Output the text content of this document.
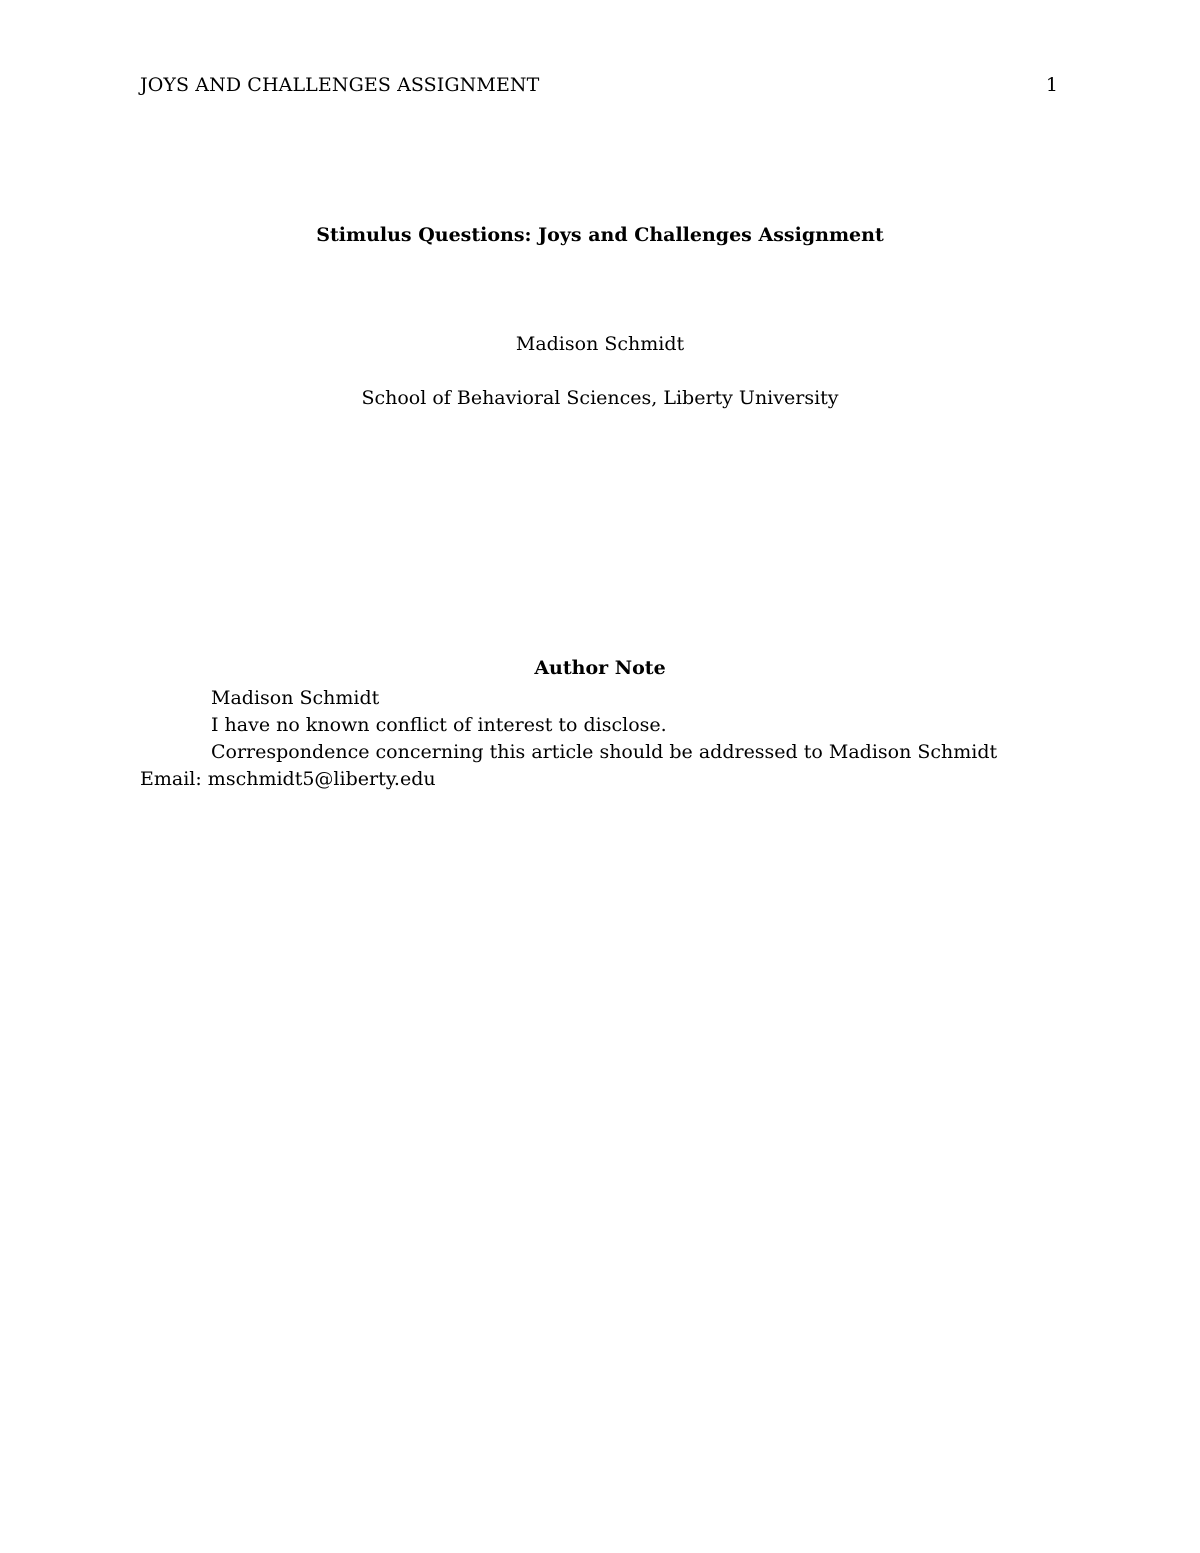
JOYS AND CHALLENGES ASSIGNMENT	1
Stimulus Questions: Joys and Challenges Assignment
Madison Schmidt
School of Behavioral Sciences, Liberty University
Author Note

Madison Schmidt

I have no known conflict of interest to disclose.

Correspondence concerning this article should be addressed to Madison Schmidt Email: mschmidt5@liberty.edu
